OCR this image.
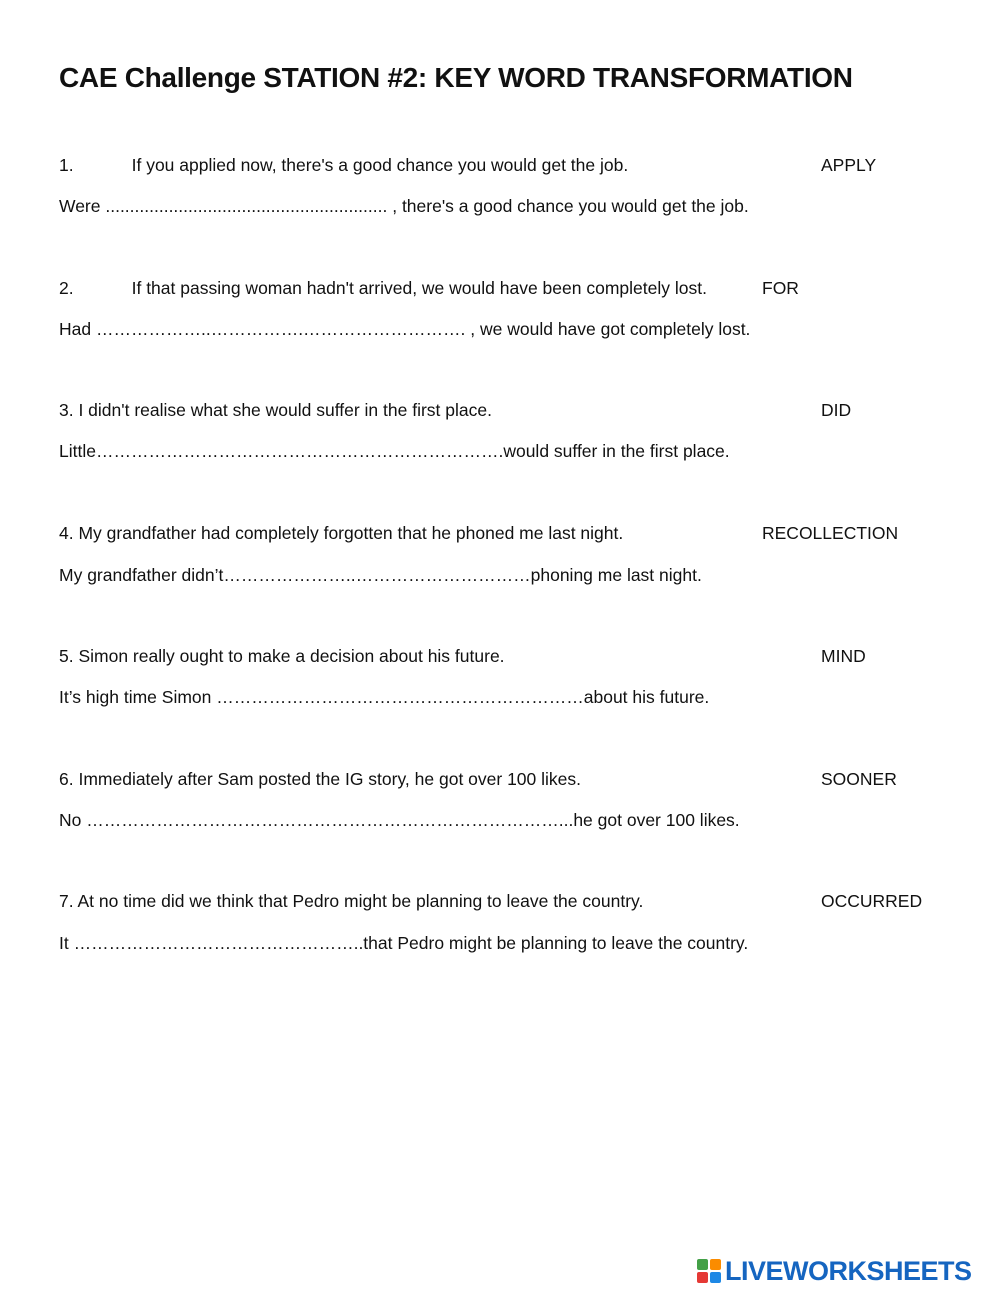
CAE Challenge STATION #2: KEY WORD TRANSFORMATION
1.	If you applied now, there's a good chance you would get the job.	APPLY
Were .......................................................... , there's a good chance you would get the job.
2.	If that passing woman hadn't arrived, we would have been completely lost.	FOR
Had ………………..…………….………………………. , we would have got completely lost.
3. I didn't realise what she would suffer in the first place.	DID
Little…………………………………………………………….would suffer in the first place.
4. My grandfather had completely forgotten that he phoned me last night.	RECOLLECTION
My grandfather didn’t…………………..…………………………phoning me last night.
5. Simon really ought to make a decision about his future.	MIND
It’s high time Simon ………………………………………………………about his future.
6. Immediately after Sam posted the IG story, he got over 100 likes.	SOONER
No ………………………………………………………………………...he got over 100 likes.
7. At no time did we think that Pedro might be planning to leave the country.	OCCURRED
It …………………………………………..that Pedro might be planning to leave the country.
LIVEWORKSHEETS
